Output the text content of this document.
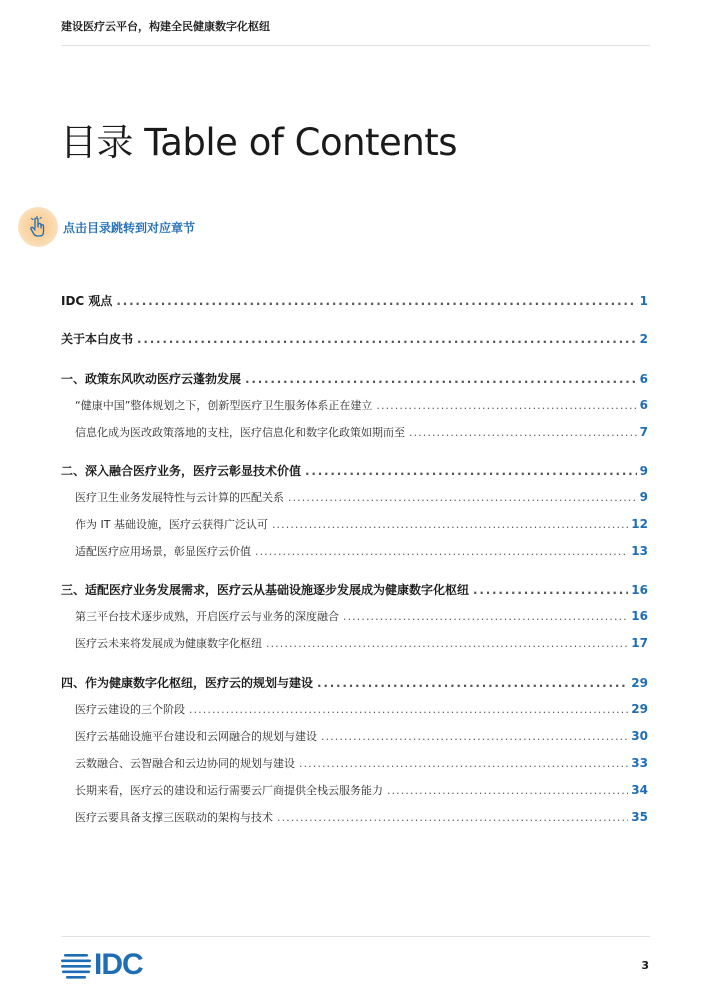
建设医疗云平台，构建全民健康数字化枢纽
目录 Table of Contents
点击目录跳转到对应章节
IDC 观点 . . .	1
关于本白皮书 . . .	2
一、政策东风吹动医疗云蓬勃发展 . . .	6
“健康中国”整体规划之下，创新型医疗卫生服务体系正在建立 . . .	6
信息化成为医改政策落地的支柱，医疗信息化和数字化政策如期而至 . . .	7
二、深入融合医疗业务，医疗云彰显技术价值 . . .	9
医疗卫生业务发展特性与云计算的匹配关系 . . .	9
作为 IT 基础设施，医疗云获得广泛认可 . . .	12
适配医疗应用场景，彰显医疗云价值 . . .	13
三、适配医疗业务发展需求，医疗云从基础设施逐步发展成为健康数字化枢纽 . . .	16
第三平台技术逐步成熟，开启医疗云与业务的深度融合 . . .	16
医疗云未来将发展成为健康数字化枢纽 . . .	17
四、作为健康数字化枢纽，医疗云的规划与建设 . . .	29
医疗云建设的三个阶段 . . .	29
医疗云基础设施平台建设和云网融合的规划与建设 . . .	30
云数融合、云智融合和云边协同的规划与建设 . . .	33
长期来看，医疗云的建设和运行需要云厂商提供全栈云服务能力 . . .	34
医疗云要具备支撑三医联动的架构与技术 . . .	35
IDC	3
